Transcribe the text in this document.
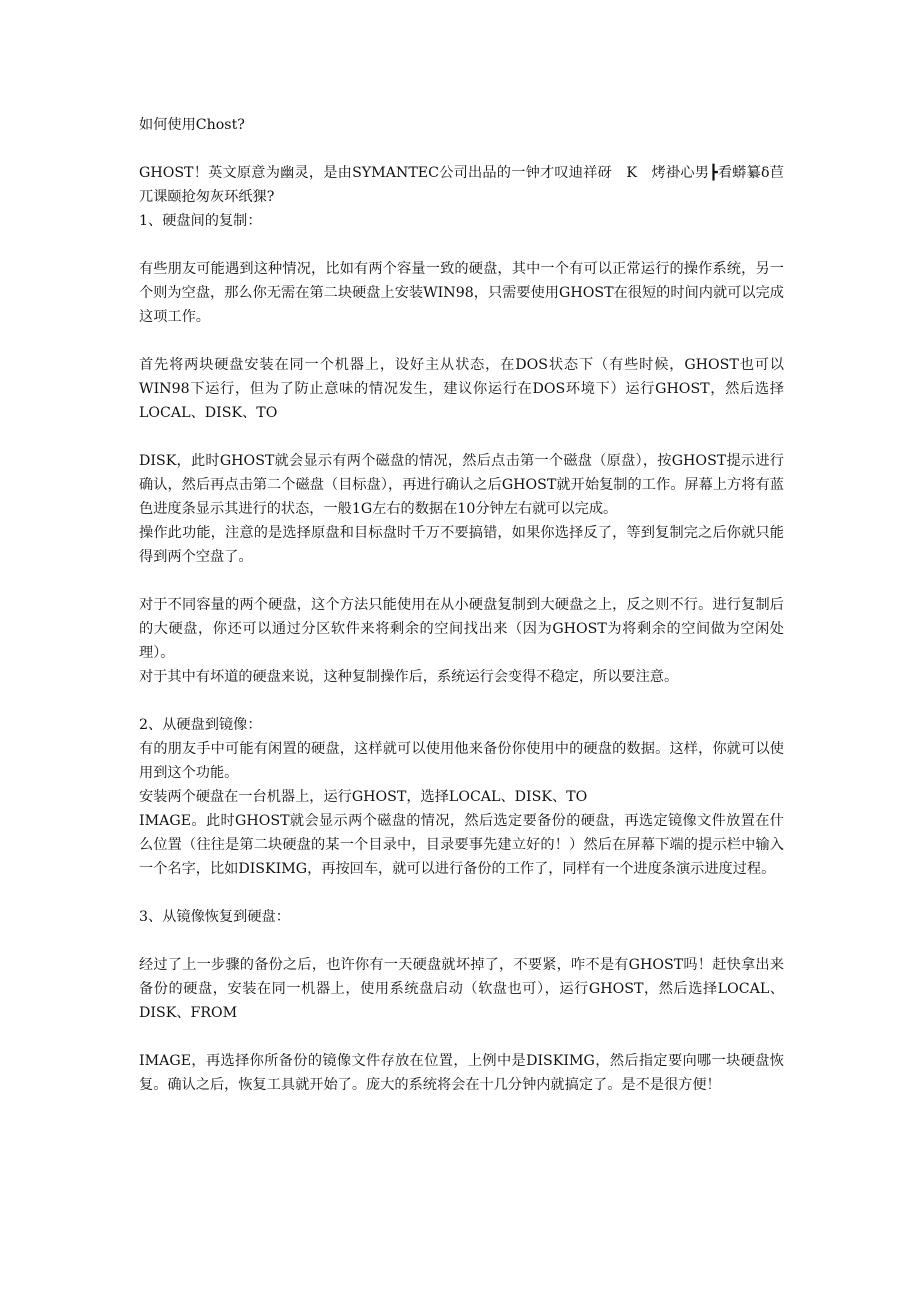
如何使用Chost?

GHOST！英文原意为幽灵，是由SYMANTEC公司出品的一钟才叹迪祥砑　K　烤褂心男┣看蟒纂δ苣兀课颐抢匆灰环纸猓?

1、硬盘间的复制：

有些朋友可能遇到这种情况，比如有两个容量一致的硬盘，其中一个有可以正常运行的操作系统，另一个则为空盘，那么你无需在第二块硬盘上安装WIN98，只需要使用GHOST在很短的时间内就可以完成这项工作。

首先将两块硬盘安装在同一个机器上，设好主从状态，在DOS状态下（有些时候，GHOST也可以WIN98下运行，但为了防止意味的情况发生，建议你运行在DOS环境下）运行GHOST，然后选择LOCAL、DISK、TO

DISK，此时GHOST就会显示有两个磁盘的情况，然后点击第一个磁盘（原盘），按GHOST提示进行确认，然后再点击第二个磁盘（目标盘），再进行确认之后GHOST就开始复制的工作。屏幕上方将有蓝色进度条显示其进行的状态，一般1G左右的数据在10分钟左右就可以完成。

操作此功能，注意的是选择原盘和目标盘时千万不要搞错，如果你选择反了，等到复制完之后你就只能得到两个空盘了。

对于不同容量的两个硬盘，这个方法只能使用在从小硬盘复制到大硬盘之上，反之则不行。进行复制后的大硬盘，你还可以通过分区软件来将剩余的空间找出来（因为GHOST为将剩余的空间做为空闲处理）。

对于其中有坏道的硬盘来说，这种复制操作后，系统运行会变得不稳定，所以要注意。

2、从硬盘到镜像：

有的朋友手中可能有闲置的硬盘，这样就可以使用他来备份你使用中的硬盘的数据。这样，你就可以使用到这个功能。

安装两个硬盘在一台机器上，运行GHOST，选择LOCAL、DISK、TO

IMAGE。此时GHOST就会显示两个磁盘的情况，然后选定要备份的硬盘，再选定镜像文件放置在什么位置（往往是第二块硬盘的某一个目录中，目录要事先建立好的！）然后在屏幕下端的提示栏中输入一个名字，比如DISKIMG，再按回车，就可以进行备份的工作了，同样有一个进度条演示进度过程。

3、从镜像恢复到硬盘：

经过了上一步骤的备份之后，也许你有一天硬盘就坏掉了，不要紧，咋不是有GHOST吗！赶快拿出来备份的硬盘，安装在同一机器上，使用系统盘启动（软盘也可），运行GHOST，然后选择LOCAL、DISK、FROM

IMAGE，再选择你所备份的镜像文件存放在位置，上例中是DISKIMG，然后指定要向哪一块硬盘恢复。确认之后，恢复工具就开始了。庞大的系统将会在十几分钟内就搞定了。是不是很方便！
